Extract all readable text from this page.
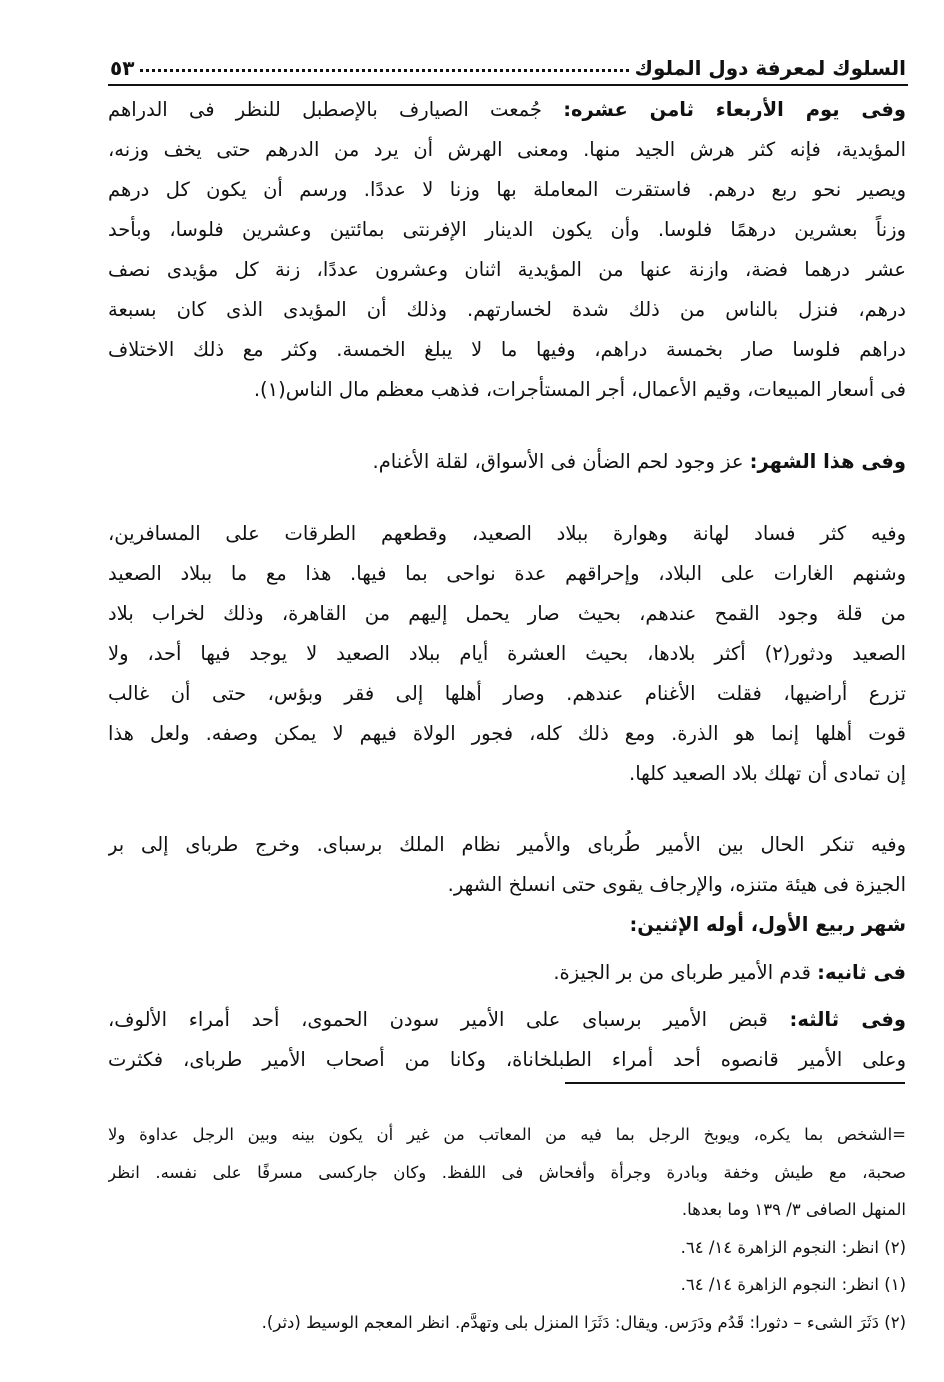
السلوك لمعرفة دول الملوك
٥٣
وفى يوم الأربعاء ثامن عشره: جُمعت الصيارف بالإصطبل للنظر فى الدراهم
المؤيدية، فإنه كثر هرش الجيد منها. ومعنى الهرش أن يرد من الدرهم حتى يخف وزنه،
ويصير نحو ربع درهم. فاستقرت المعاملة بها وزنا لا عددًا. ورسم أن يكون كل درهم
وزناً بعشرين درهمًا فلوسا. وأن يكون الدينار الإفرنتى بمائتين وعشرين فلوسا، وبأحد
عشر درهما فضة، وازنة عنها من المؤيدية اثنان وعشرون عددًا، زنة كل مؤيدى نصف
درهم، فنزل بالناس من ذلك شدة لخسارتهم. وذلك أن المؤيدى الذى كان بسبعة
دراهم فلوسا صار بخمسة دراهم، وفيها ما لا يبلغ الخمسة. وكثر مع ذلك الاختلاف
فى أسعار المبيعات، وقيم الأعمال، أجر المستأجرات، فذهب معظم مال الناس(١).
وفى هذا الشهر: عز وجود لحم الضأن فى الأسواق، لقلة الأغنام.
وفيه كثر فساد لهانة وهوارة ببلاد الصعيد، وقطعهم الطرقات على المسافرين،
وشنهم الغارات على البلاد، وإحراقهم عدة نواحى بما فيها. هذا مع ما ببلاد الصعيد
من قلة وجود القمح عندهم، بحيث صار يحمل إليهم من القاهرة، وذلك لخراب بلاد
الصعيد ودثور(٢) أكثر بلادها، بحيث العشرة أيام ببلاد الصعيد لا يوجد فيها أحد، ولا
تزرع أراضيها، فقلت الأغنام عندهم. وصار أهلها إلى فقر وبؤس، حتى أن غالب
قوت أهلها إنما هو الذرة. ومع ذلك كله، فجور الولاة فيهم لا يمكن وصفه. ولعل هذا
إن تمادى أن تهلك بلاد الصعيد كلها.
وفيه تنكر الحال بين الأمير طُرباى والأمير نظام الملك برسباى. وخرج طرباى إلى بر
الجيزة فى هيئة متنزه، والإرجاف يقوى حتى انسلخ الشهر.
شهر ربيع الأول، أوله الإثنين:
فى ثانيه: قدم الأمير طرباى من بر الجيزة.
وفى ثالثه: قبض الأمير برسباى على الأمير سودن الحموى، أحد أمراء الألوف،
وعلى الأمير قانصوه أحد أمراء الطبلخاناة، وكانا من أصحاب الأمير طرباى، فكثرت
=الشخص بما يكره، ويوبخ الرجل بما فيه من المعاتب من غير أن يكون بينه وبين الرجل عداوة ولا
صحبة، مع طيش وخفة وبادرة وجرأة وأفحاش فى اللفظ. وكان جاركسى مسرفًا على نفسه. انظر
المنهل الصافى ٣/ ١٣٩ وما بعدها.
(٢) انظر: النجوم الزاهرة ١٤/ ٦٤.
(١) انظر: النجوم الزاهرة ١٤/ ٦٤.
(٢) دَثَرَ الشىء – دثورا: قَدُم ودَرَس. ويقال: دَثَرَا المنزل بلى وتهدَّم. انظر المعجم الوسيط (دثر).
